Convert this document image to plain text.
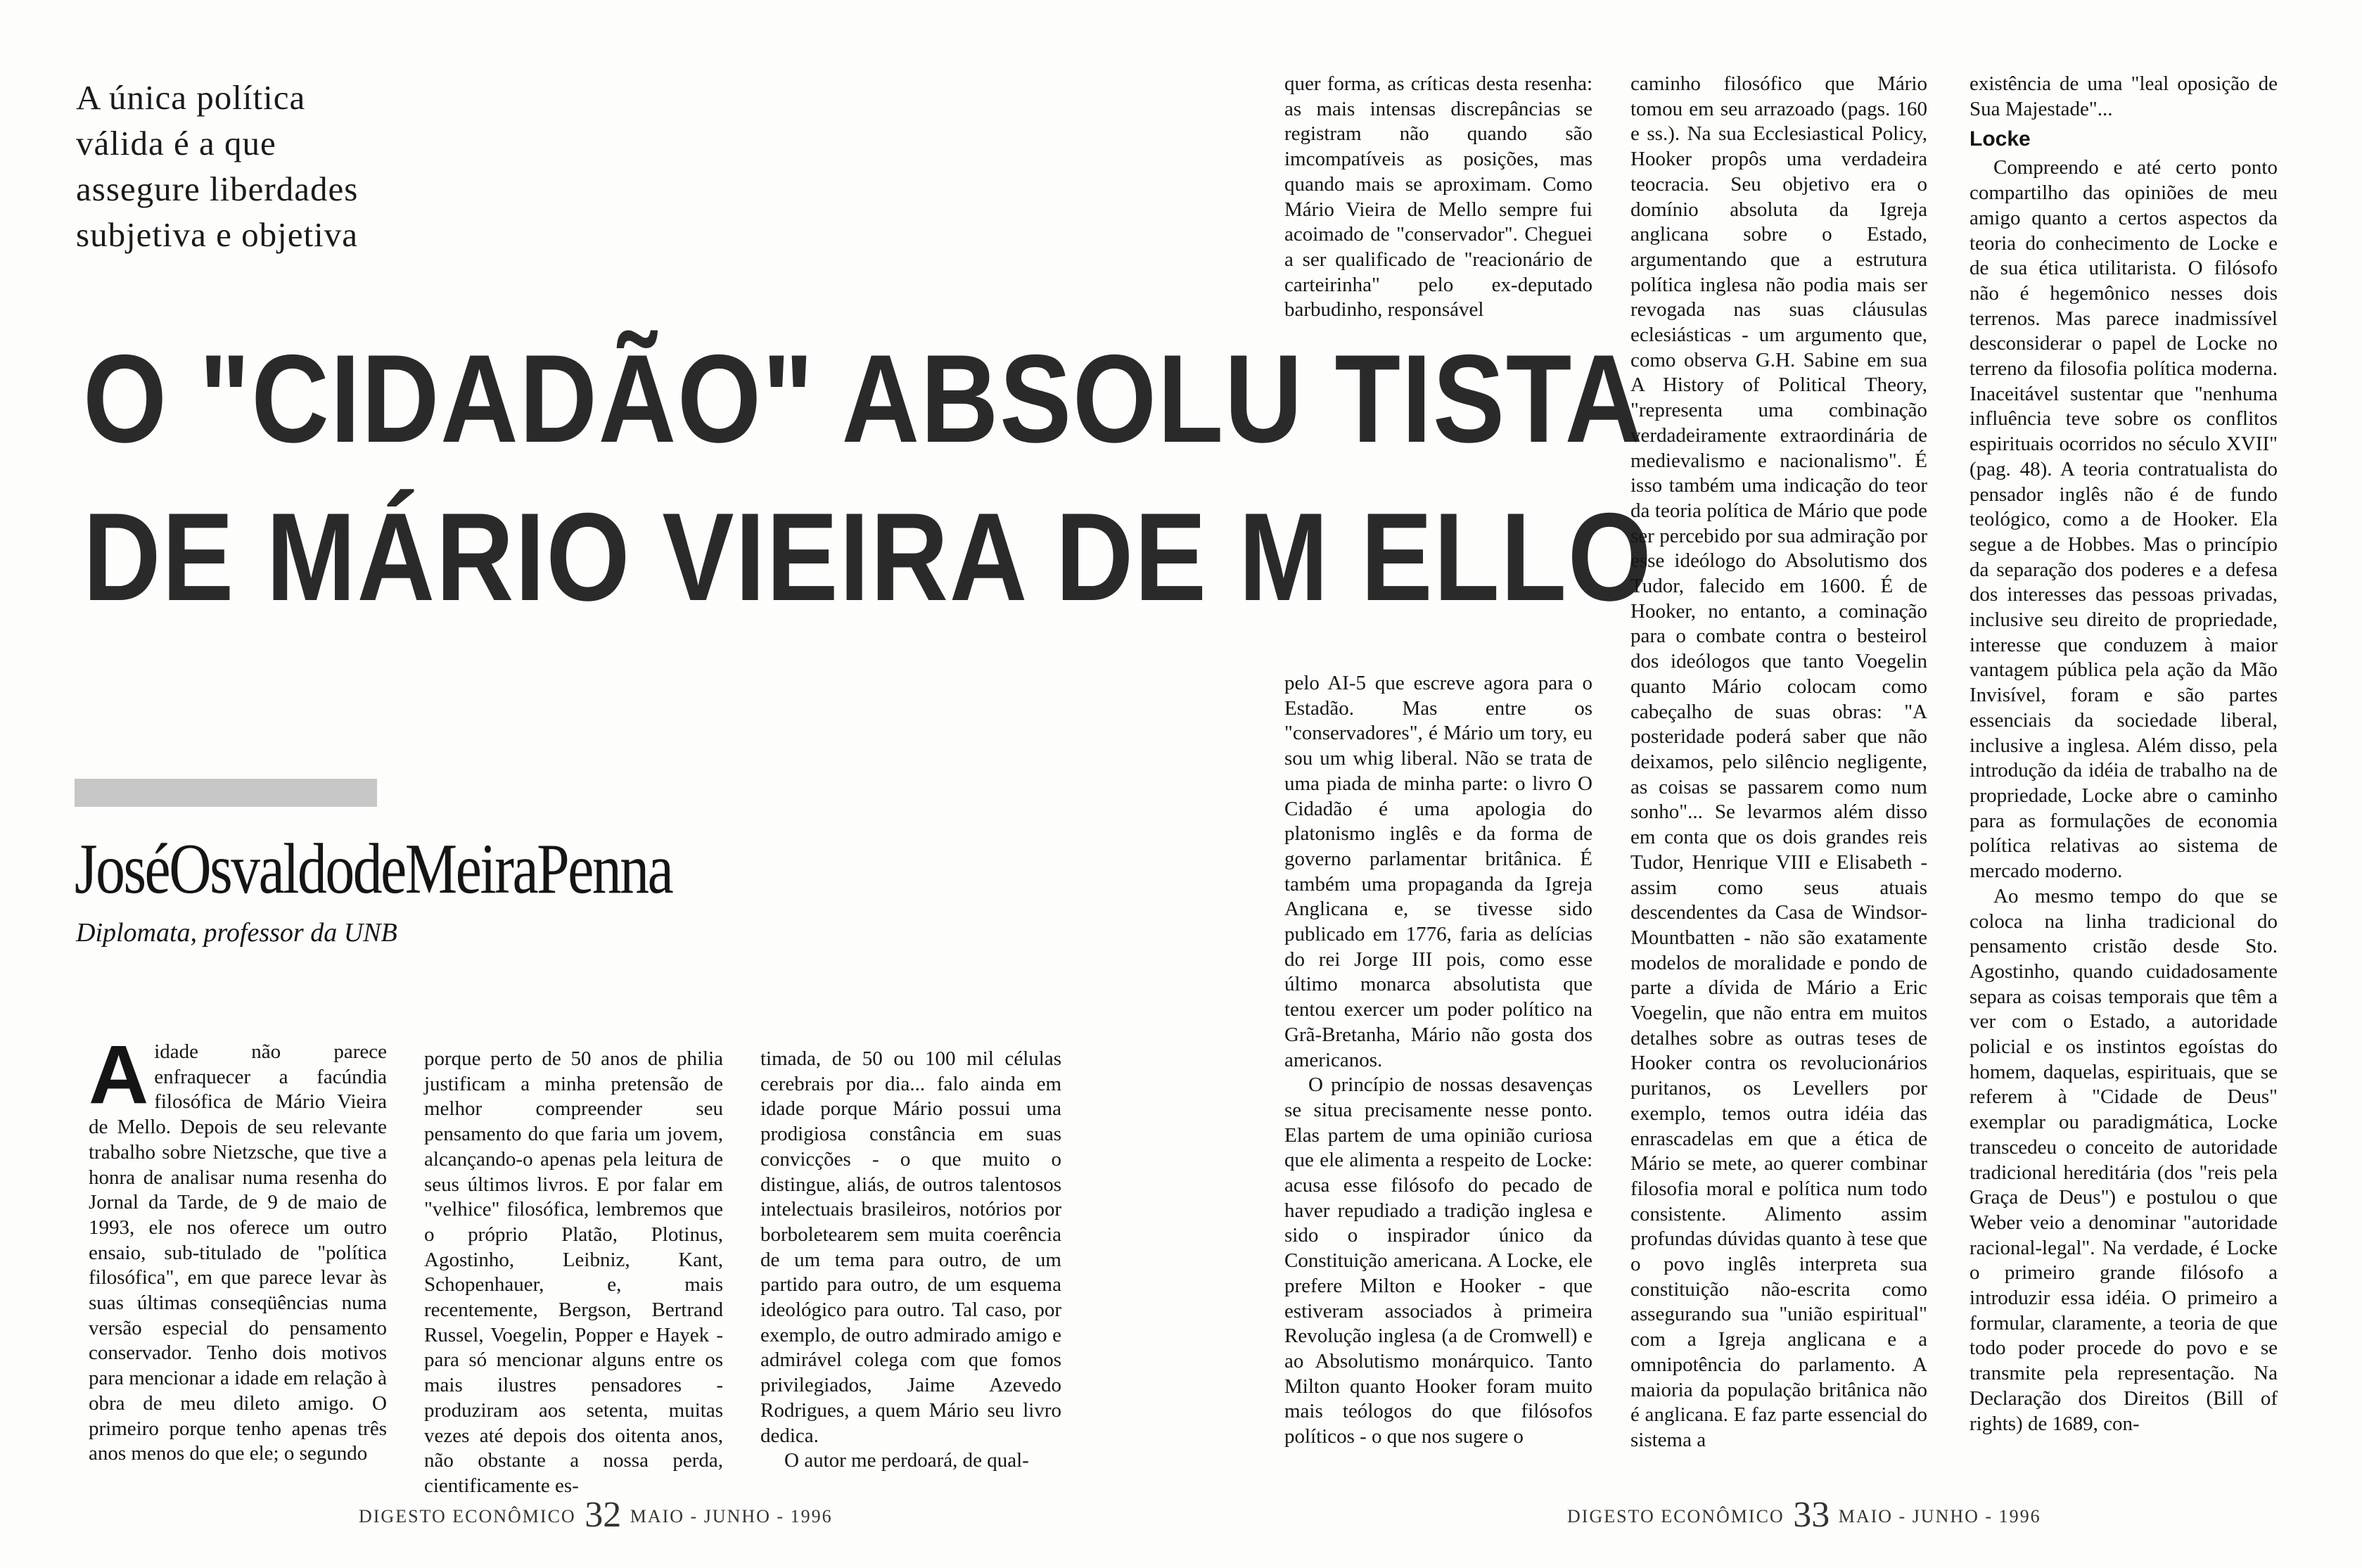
A única política
válida é a que
assegure liberdades
subjetiva e objetiva
O "CIDADÃO" ABSOLU TISTA
DE MÁRIO VIEIRA DE M ELLO
JoséOsvaldodeMeiraPenna
Diplomata, professor da UNB

Aidade não parece enfraquecer a facúndia filosófica de Mário Vieira de Mello. Depois de seu relevante trabalho sobre Nietzsche, que tive a honra de analisar numa resenha do Jornal da Tarde, de 9 de maio de 1993, ele nos oferece um outro ensaio, sub-titulado de "política filosófica", em que parece levar às suas últimas conseqüências numa versão especial do pensamento conservador. Tenho dois motivos para mencionar a idade em relação à obra de meu dileto amigo. O primeiro porque tenho apenas três anos menos do que ele; o segundo

porque perto de 50 anos de philia justificam a minha pretensão de melhor compreender seu pensamento do que faria um jovem, alcançando-o apenas pela leitura de seus últimos livros. E por falar em "velhice" filosófica, lembremos que o próprio Platão, Plotinus, Agostinho, Leibniz, Kant, Schopenhauer, e, mais recentemente, Bergson, Bertrand Russel, Voegelin, Popper e Hayek - para só mencionar alguns entre os mais ilustres pensadores - produziram aos setenta, muitas vezes até depois dos oitenta anos, não obstante a nossa perda, cientificamente es-

timada, de 50 ou 100 mil células cerebrais por dia... falo ainda em idade porque Mário possui uma prodigiosa constância em suas convicções - o que muito o distingue, aliás, de outros talentosos intelectuais brasileiros, notórios por borboletearem sem muita coerência de um tema para outro, de um partido para outro, de um esquema ideológico para outro. Tal caso, por exemplo, de outro admirado amigo e admirável colega com que fomos privilegiados, Jaime Azevedo Rodrigues, a quem Mário seu livro dedica.

O autor me perdoará, de qual-

quer forma, as críticas desta resenha: as mais intensas discrepâncias se registram não quando são imcompatíveis as posições, mas quando mais se aproximam. Como Mário Vieira de Mello sempre fui acoimado de "conservador". Cheguei a ser qualificado de "reacionário de carteirinha" pelo ex-deputado barbudinho, responsável

pelo AI-5 que escreve agora para o Estadão. Mas entre os "conservadores", é Mário um tory, eu sou um whig liberal. Não se trata de uma piada de minha parte: o livro O Cidadão é uma apologia do platonismo inglês e da forma de governo parlamentar britânica. É também uma propaganda da Igreja Anglicana e, se tivesse sido publicado em 1776, faria as delícias do rei Jorge III pois, como esse último monarca absolutista que tentou exercer um poder político na Grã-Bretanha, Mário não gosta dos americanos.

O princípio de nossas desavenças se situa precisamente nesse ponto. Elas partem de uma opinião curiosa que ele alimenta a respeito de Locke: acusa esse filósofo do pecado de haver repudiado a tradição inglesa e sido o inspirador único da Constituição americana. A Locke, ele prefere Milton e Hooker - que estiveram associados à primeira Revolução inglesa (a de Cromwell) e ao Absolutismo monárquico. Tanto Milton quanto Hooker foram muito mais teólogos do que filósofos políticos - o que nos sugere o

caminho filosófico que Mário tomou em seu arrazoado (pags. 160 e ss.). Na sua Ecclesiastical Policy, Hooker propôs uma verdadeira teocracia. Seu objetivo era o domínio absoluta da Igreja anglicana sobre o Estado, argumentando que a estrutura política inglesa não podia mais ser revogada nas suas cláusulas eclesiásticas - um argumento que, como observa G.H. Sabine em sua A History of Political Theory, "representa uma combinação verdadeiramente extraordinária de medievalismo e nacionalismo". É isso também uma indicação do teor da teoria política de Mário que pode ser percebido por sua admiração por esse ideólogo do Absolutismo dos Tudor, falecido em 1600. É de Hooker, no entanto, a cominação para o combate contra o besteirol dos ideólogos que tanto Voegelin quanto Mário colocam como cabeçalho de suas obras: "A posteridade poderá saber que não deixamos, pelo silêncio negligente, as coisas se passarem como num sonho"... Se levarmos além disso em conta que os dois grandes reis Tudor, Henrique VIII e Elisabeth - assim como seus atuais descendentes da Casa de Windsor-Mountbatten - não são exatamente modelos de moralidade e pondo de parte a dívida de Mário a Eric Voegelin, que não entra em muitos detalhes sobre as outras teses de Hooker contra os revolucionários puritanos, os Levellers por exemplo, temos outra idéia das enrascadelas em que a ética de Mário se mete, ao querer combinar filosofia moral e política num todo consistente. Alimento assim profundas dúvidas quanto à tese que o povo inglês interpreta sua constituição não-escrita como assegurando sua "união espiritual" com a Igreja anglicana e a omnipotência do parlamento. A maioria da população britânica não é anglicana. E faz parte essencial do sistema a

existência de uma "leal oposição de Sua Majestade"...

Locke

Compreendo e até certo ponto compartilho das opiniões de meu amigo quanto a certos aspectos da teoria do conhecimento de Locke e de sua ética utilitarista. O filósofo não é hegemônico nesses dois terrenos. Mas parece inadmissível desconsiderar o papel de Locke no terreno da filosofia política moderna. Inaceitável sustentar que "nenhuma influência teve sobre os conflitos espirituais ocorridos no século XVII" (pag. 48). A teoria contratualista do pensador inglês não é de fundo teológico, como a de Hooker. Ela segue a de Hobbes. Mas o princípio da separação dos poderes e a defesa dos interesses das pessoas privadas, inclusive seu direito de propriedade, interesse que conduzem à maior vantagem pública pela ação da Mão Invisível, foram e são partes essenciais da sociedade liberal, inclusive a inglesa. Além disso, pela introdução da idéia de trabalho na de propriedade, Locke abre o caminho para as formulações de economia política relativas ao sistema de mercado moderno.

Ao mesmo tempo do que se coloca na linha tradicional do pensamento cristão desde Sto. Agostinho, quando cuidadosamente separa as coisas temporais que têm a ver com o Estado, a autoridade policial e os instintos egoístas do homem, daquelas, espirituais, que se referem à "Cidade de Deus" exemplar ou paradigmática, Locke transcedeu o conceito de autoridade tradicional hereditária (dos "reis pela Graça de Deus") e postulou o que Weber veio a denominar "autoridade racional-legal". Na verdade, é Locke o primeiro grande filósofo a introduzir essa idéia. O primeiro a formular, claramente, a teoria de que todo poder procede do povo e se transmite pela representação. Na Declaração dos Direitos (Bill of rights) de 1689, con-

DIGESTO ECONÔMICO 32 MAIO - JUNHO - 1996	DIGESTO ECONÔMICO 33 MAIO - JUNHO - 1996
